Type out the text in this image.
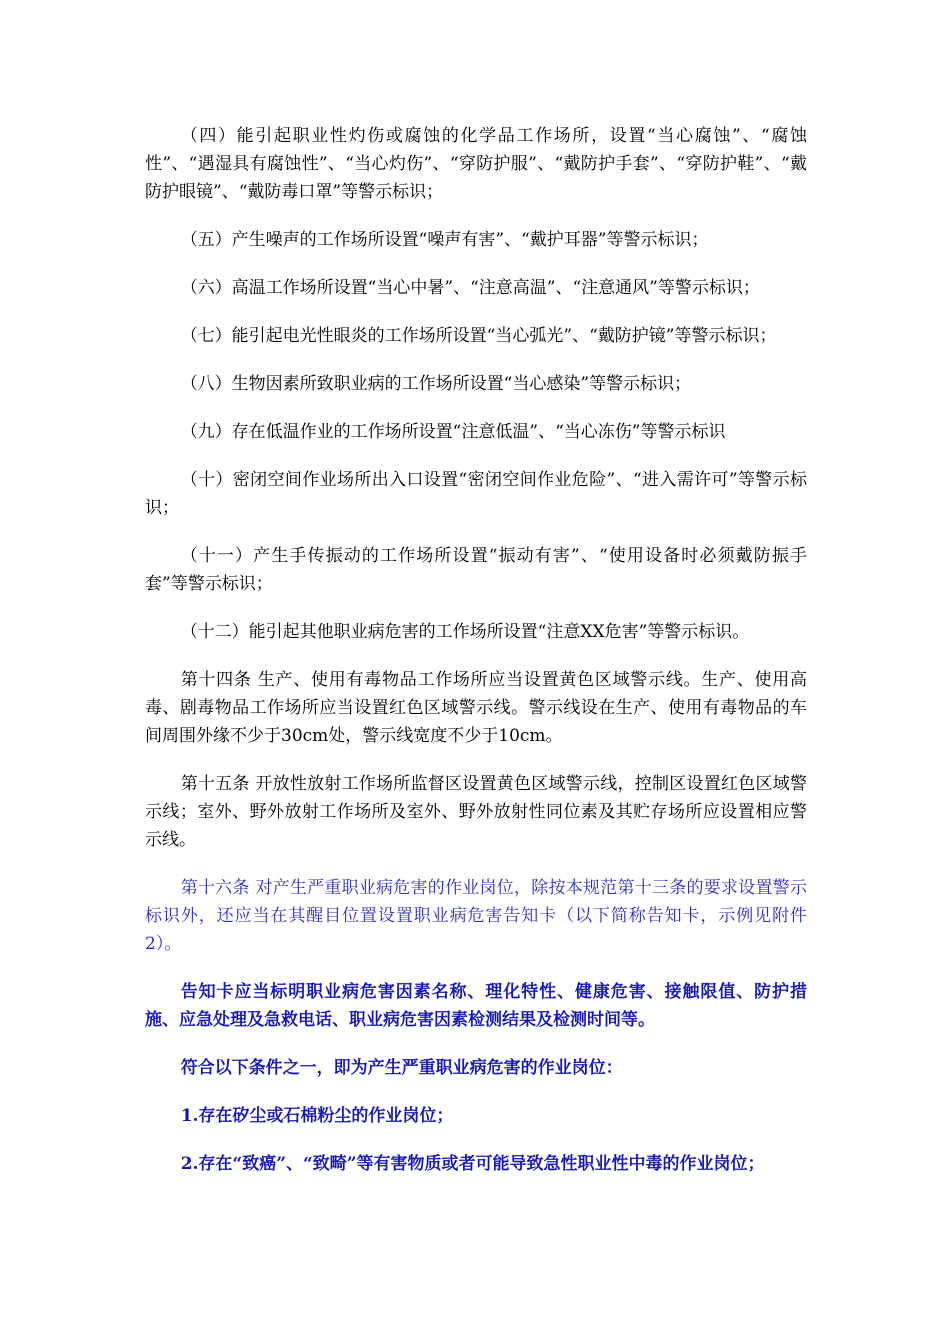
（四）能引起职业性灼伤或腐蚀的化学品工作场所，设置“当心腐蚀”、“腐蚀性”、“遇湿具有腐蚀性”、“当心灼伤”、“穿防护服”、“戴防护手套”、“穿防护鞋”、“戴防护眼镜”、“戴防毒口罩”等警示标识；

（五）产生噪声的工作场所设置“噪声有害”、“戴护耳器”等警示标识；

（六）高温工作场所设置“当心中暑”、“注意高温”、“注意通风”等警示标识；

（七）能引起电光性眼炎的工作场所设置“当心弧光”、“戴防护镜”等警示标识；

（八）生物因素所致职业病的工作场所设置“当心感染”等警示标识；

（九）存在低温作业的工作场所设置“注意低温”、“当心冻伤”等警示标识

（十）密闭空间作业场所出入口设置“密闭空间作业危险”、“进入需许可”等警示标识；

（十一）产生手传振动的工作场所设置“振动有害”、“使用设备时必须戴防振手套”等警示标识；

（十二）能引起其他职业病危害的工作场所设置“注意XX危害”等警示标识。

第十四条 生产、使用有毒物品工作场所应当设置黄色区域警示线。生产、使用高毒、剧毒物品工作场所应当设置红色区域警示线。警示线设在生产、使用有毒物品的车间周围外缘不少于30cm处，警示线宽度不少于10cm。

第十五条 开放性放射工作场所监督区设置黄色区域警示线，控制区设置红色区域警示线；室外、野外放射工作场所及室外、野外放射性同位素及其贮存场所应设置相应警示线。

第十六条 对产生严重职业病危害的作业岗位，除按本规范第十三条的要求设置警示标识外，还应当在其醒目位置设置职业病危害告知卡（以下简称告知卡，示例见附件2）。

告知卡应当标明职业病危害因素名称、理化特性、健康危害、接触限值、防护措施、应急处理及急救电话、职业病危害因素检测结果及检测时间等。

符合以下条件之一，即为产生严重职业病危害的作业岗位：

1.存在矽尘或石棉粉尘的作业岗位；

2.存在“致癌”、“致畸”等有害物质或者可能导致急性职业性中毒的作业岗位；
